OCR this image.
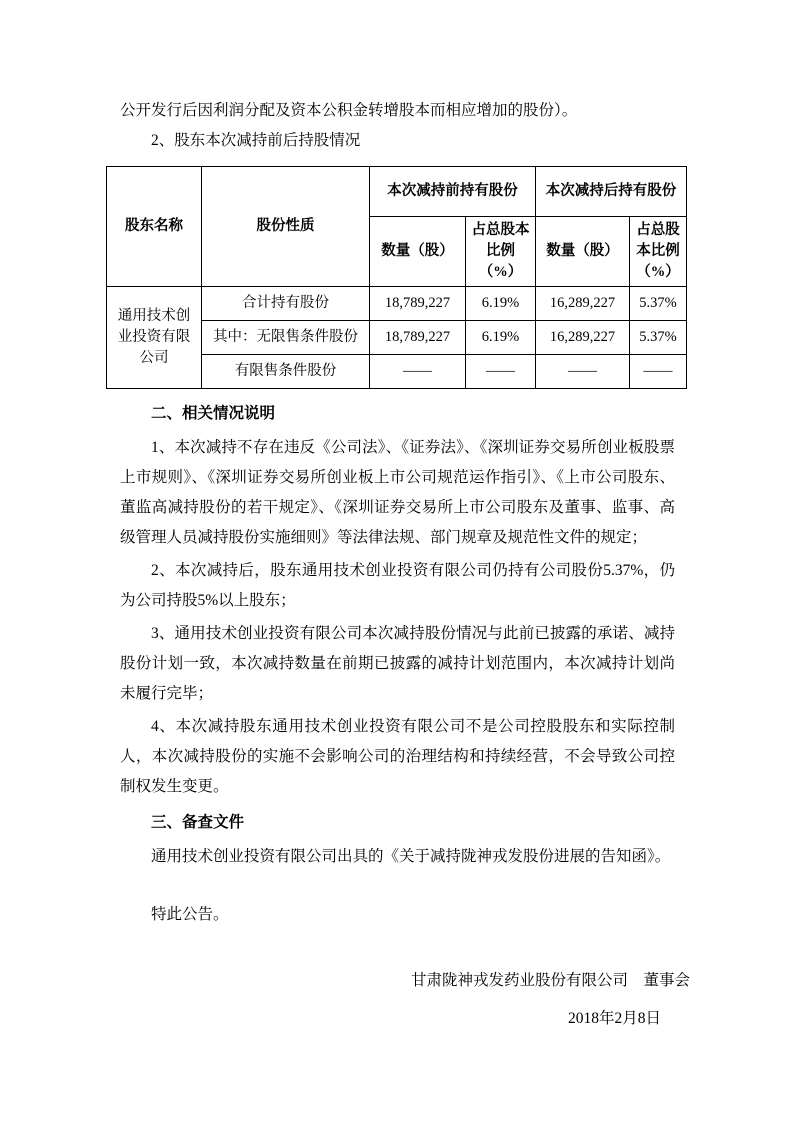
公开发行后因利润分配及资本公积金转增股本而相应增加的股份）。

2、股东本次减持前后持股情况

股东名称	股份性质	本次减持前持有股份		本次减持后持有股份	
		数量（股）	占总股本比例（%）	数量（股）	占总股本比例（%）
通用技术创业投资有限公司	合计持有股份	18,789,227	6.19%	16,289,227	5.37%
	其中：无限售条件股份	18,789,227	6.19%	16,289,227	5.37%
	有限售条件股份	——	——	——	——

二、相关情况说明

1、本次减持不存在违反《公司法》、《证券法》、《深圳证券交易所创业板股票上市规则》、《深圳证券交易所创业板上市公司规范运作指引》、《上市公司股东、董监高减持股份的若干规定》、《深圳证券交易所上市公司股东及董事、监事、高级管理人员减持股份实施细则》等法律法规、部门规章及规范性文件的规定；

2、本次减持后，股东通用技术创业投资有限公司仍持有公司股份5.37%，仍为公司持股5%以上股东；

3、通用技术创业投资有限公司本次减持股份情况与此前已披露的承诺、减持股份计划一致，本次减持数量在前期已披露的减持计划范围内，本次减持计划尚未履行完毕；

4、本次减持股东通用技术创业投资有限公司不是公司控股股东和实际控制人，本次减持股份的实施不会影响公司的治理结构和持续经营，不会导致公司控制权发生变更。

三、备查文件

通用技术创业投资有限公司出具的《关于减持陇神戎发股份进展的告知函》。

特此公告。

甘肃陇神戎发药业股份有限公司　董事会

2018年2月8日
